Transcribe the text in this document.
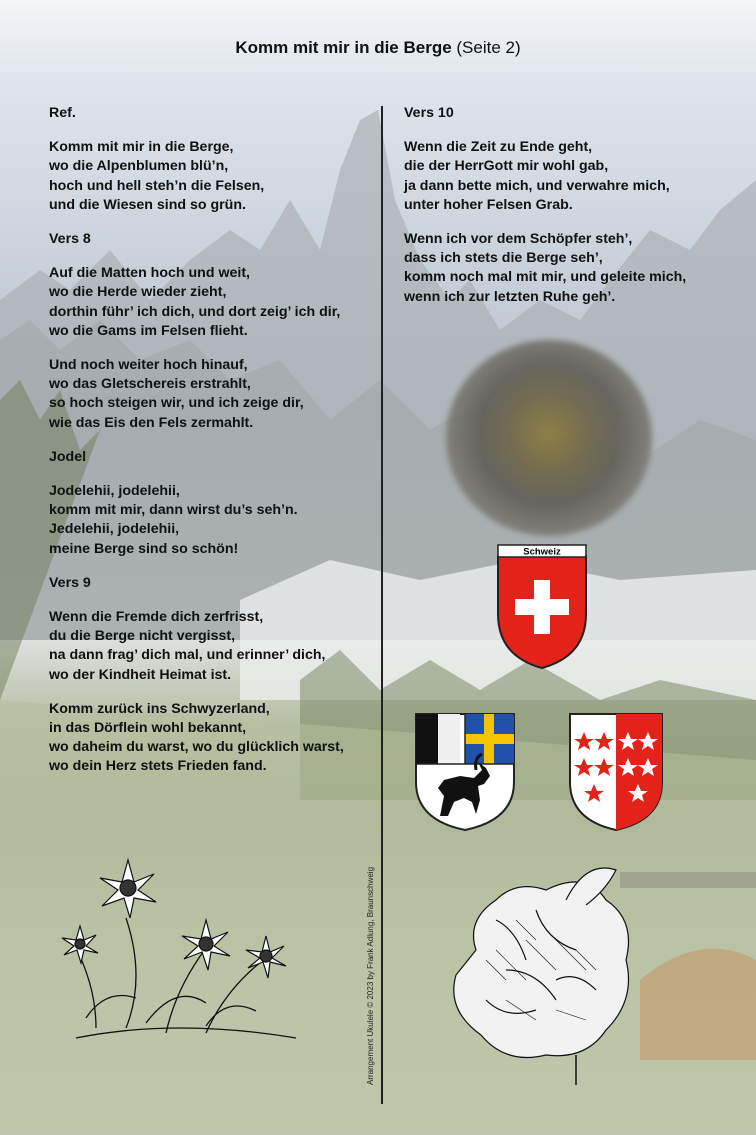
Komm mit mir in die Berge (Seite 2)
Ref.
Komm mit mir in die Berge,
wo die Alpenblumen blü’n,
hoch und hell steh’n die Felsen,
und die Wiesen sind so grün.
Vers 8
Auf die Matten hoch und weit,
wo die Herde wieder zieht,
dorthin führ’ ich dich, und dort zeig’ ich dir,
wo die Gams im Felsen flieht.
Und noch weiter hoch hinauf,
wo das Gletschereis erstrahlt,
so hoch steigen wir, und ich zeige dir,
wie das Eis den Fels zermahlt.
Jodel
Jodelehii, jodelehii,
komm mit mir, dann wirst du’s seh’n.
Jedelehii, jodelehii,
meine Berge sind so schön!
Vers 9
Wenn die Fremde dich zerfrisst,
du die Berge nicht vergisst,
na dann frag’ dich mal, und erinner’ dich,
wo der Kindheit Heimat ist.
Komm zurück ins Schwyzerland,
in das Dörflein wohl bekannt,
wo daheim du warst, wo du glücklich warst,
wo dein Herz stets Frieden fand.
Vers 10
Wenn die Zeit zu Ende geht,
die der HerrGott mir wohl gab,
ja dann bette mich, und verwahre mich,
unter hoher Felsen Grab.
Wenn ich vor dem Schöpfer steh’,
dass ich stets die Berge seh’,
komm noch mal mit mir, und geleite mich,
wenn ich zur letzten Ruhe geh’.
Schweiz
Arrangement Ukulele © 2023 by Frank Adlung, Braunschweig
